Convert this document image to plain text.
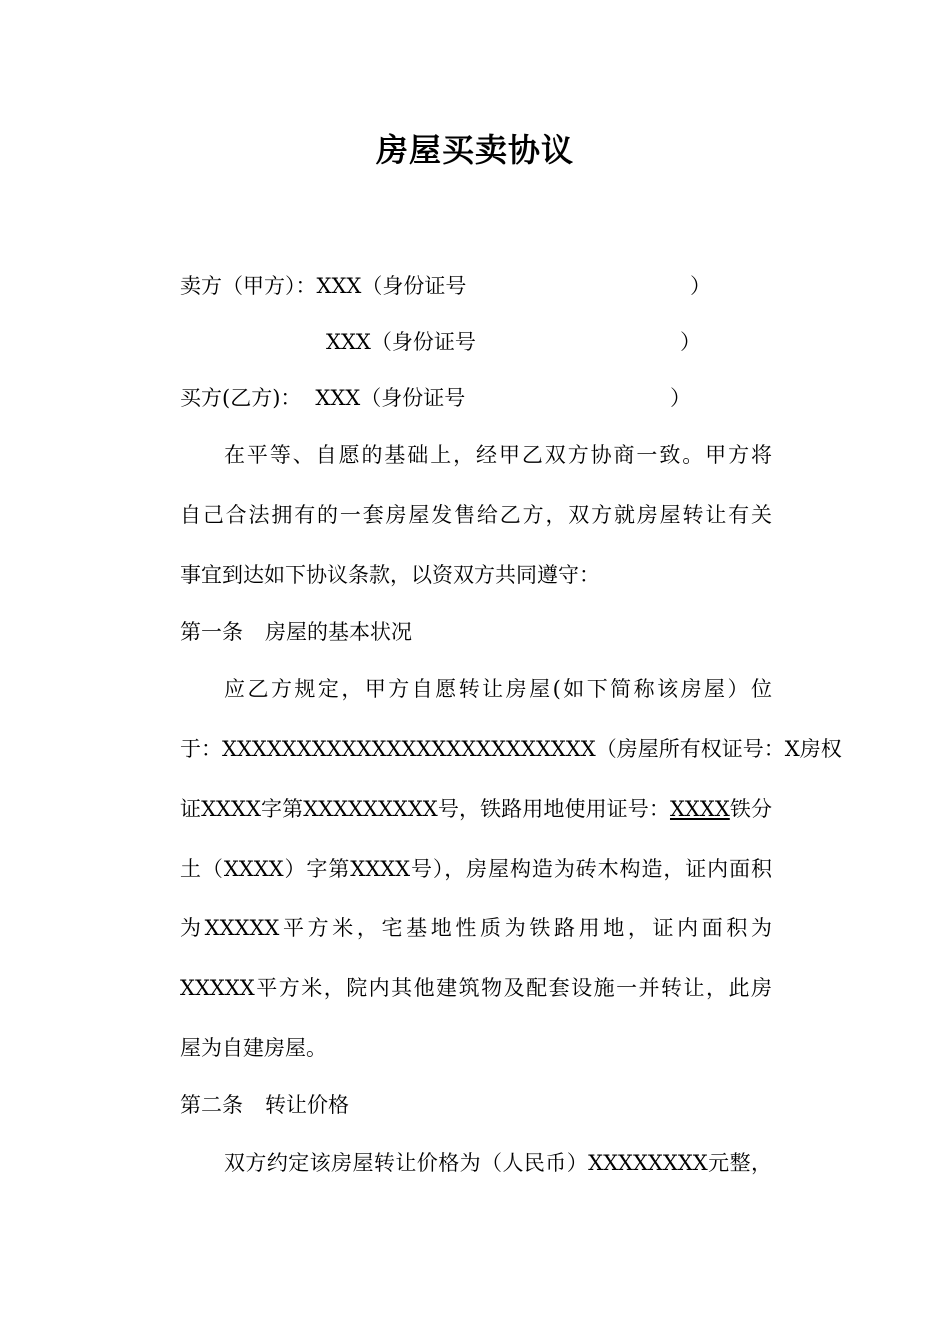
房屋买卖协议
卖方（甲方）：XXX（身份证号	）
XXX（身份证号	）
买方(乙方)： XXX（身份证号	）
在平等、自愿的基础上，经甲乙双方协商一致。甲方将
自己合法拥有的一套房屋发售给乙方，双方就房屋转让有关
事宜到达如下协议条款，以资双方共同遵守：
第一条 房屋的基本状况
应乙方规定，甲方自愿转让房屋(如下简称该房屋）位
于：XXXXXXXXXXXXXXXXXXXXXXXXX（房屋所有权证号：X房权
证XXXX字第XXXXXXXXX号，铁路用地使用证号：XXXX铁分
土（XXXX）字第XXXX号），房屋构造为砖木构造，证内面积
为XXXXX平方米，宅基地性质为铁路用地，证内面积为
XXXXX平方米，院内其他建筑物及配套设施一并转让，此房
屋为自建房屋。
第二条 转让价格
双方约定该房屋转让价格为（人民币）XXXXXXXX元整，
